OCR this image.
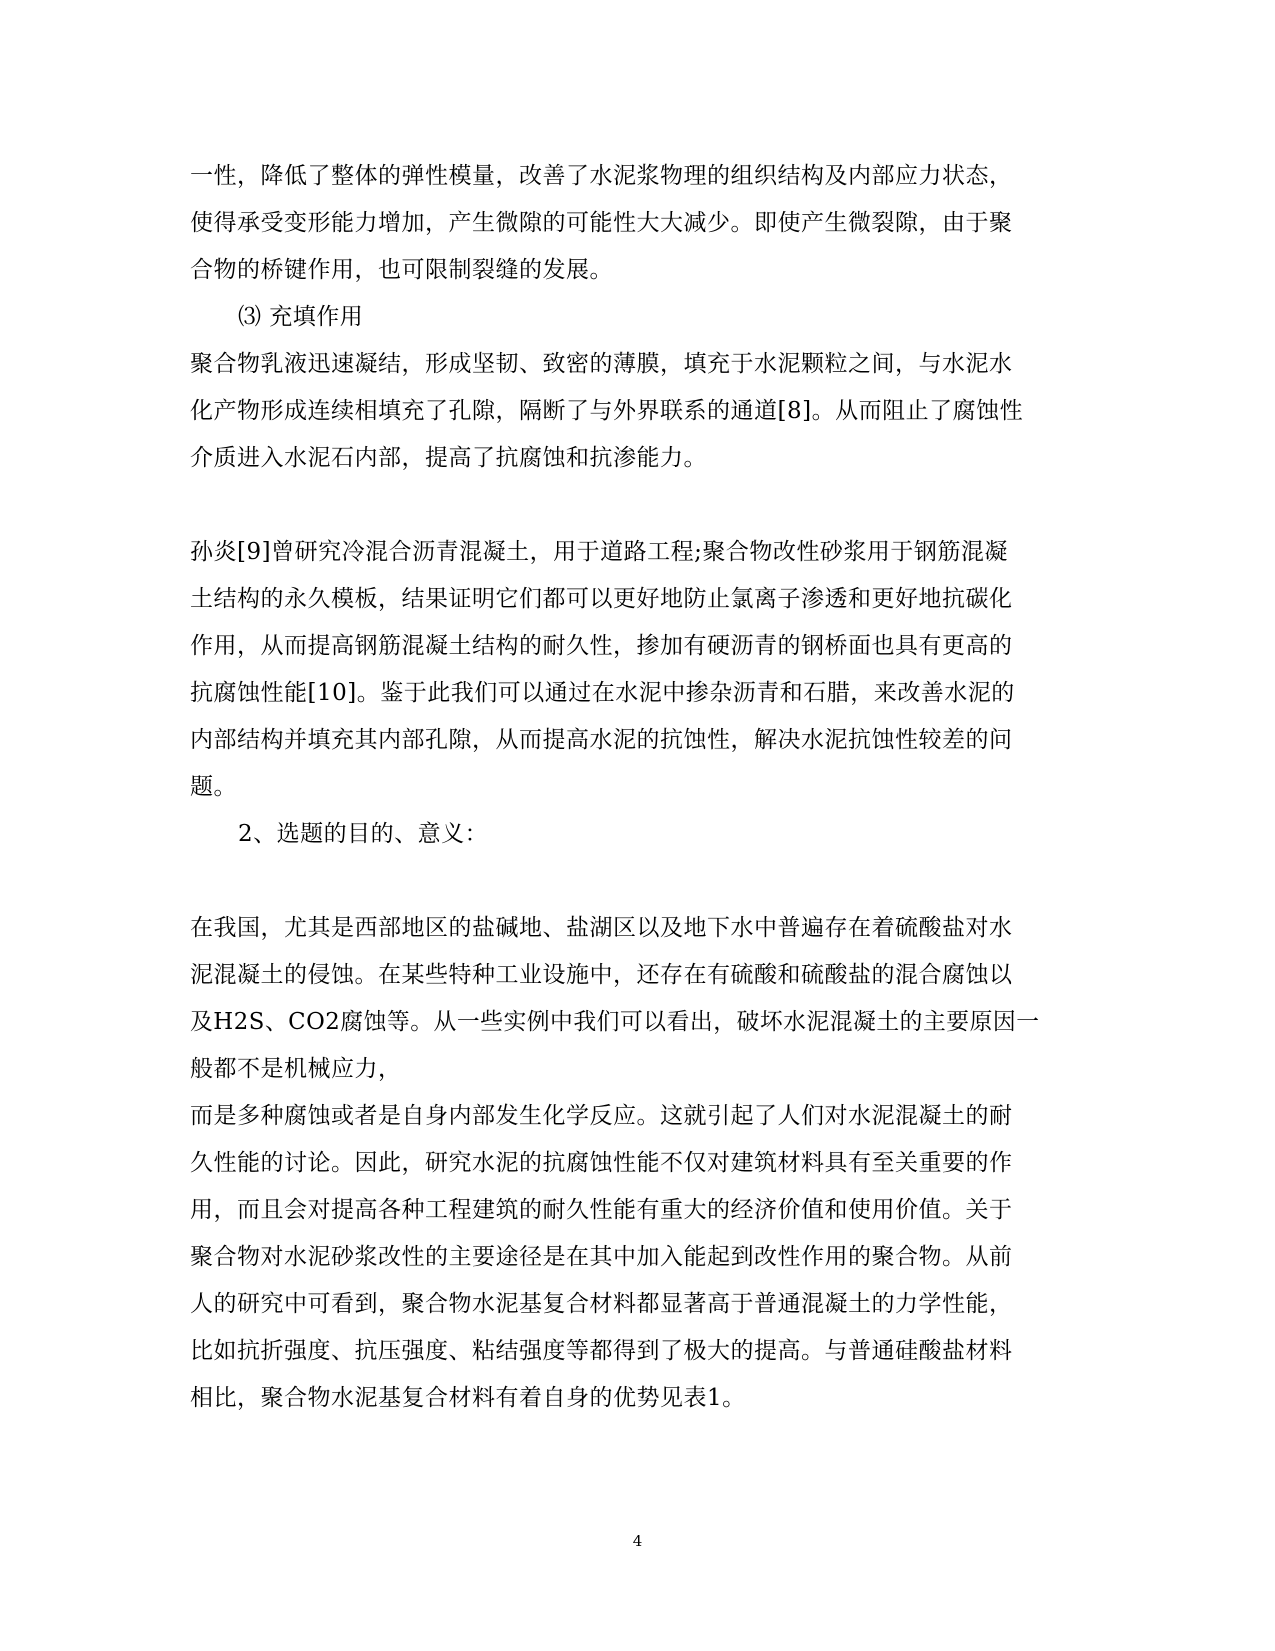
一性，降低了整体的弹性模量，改善了水泥浆物理的组织结构及内部应力状态，
使得承受变形能力增加，产生微隙的可能性大大减少。即使产生微裂隙，由于聚
合物的桥键作用，也可限制裂缝的发展。
⑶ 充填作用
聚合物乳液迅速凝结，形成坚韧、致密的薄膜，填充于水泥颗粒之间，与水泥水
化产物形成连续相填充了孔隙，隔断了与外界联系的通道[8]。从而阻止了腐蚀性
介质进入水泥石内部，提高了抗腐蚀和抗渗能力。
孙炎[9]曾研究冷混合沥青混凝土，用于道路工程;聚合物改性砂浆用于钢筋混凝
土结构的永久模板，结果证明它们都可以更好地防止氯离子渗透和更好地抗碳化
作用，从而提高钢筋混凝土结构的耐久性，掺加有硬沥青的钢桥面也具有更高的
抗腐蚀性能[10]。鉴于此我们可以通过在水泥中掺杂沥青和石腊，来改善水泥的
内部结构并填充其内部孔隙，从而提高水泥的抗蚀性，解决水泥抗蚀性较差的问
题。
2、选题的目的、意义：
在我国，尤其是西部地区的盐碱地、盐湖区以及地下水中普遍存在着硫酸盐对水
泥混凝土的侵蚀。在某些特种工业设施中，还存在有硫酸和硫酸盐的混合腐蚀以
及H2S、CO2腐蚀等。从一些实例中我们可以看出，破坏水泥混凝土的主要原因一
般都不是机械应力，
而是多种腐蚀或者是自身内部发生化学反应。这就引起了人们对水泥混凝土的耐
久性能的讨论。因此，研究水泥的抗腐蚀性能不仅对建筑材料具有至关重要的作
用，而且会对提高各种工程建筑的耐久性能有重大的经济价值和使用价值。关于
聚合物对水泥砂浆改性的主要途径是在其中加入能起到改性作用的聚合物。从前
人的研究中可看到，聚合物水泥基复合材料都显著高于普通混凝土的力学性能，
比如抗折强度、抗压强度、粘结强度等都得到了极大的提高。与普通硅酸盐材料
相比，聚合物水泥基复合材料有着自身的优势见表1。
4
